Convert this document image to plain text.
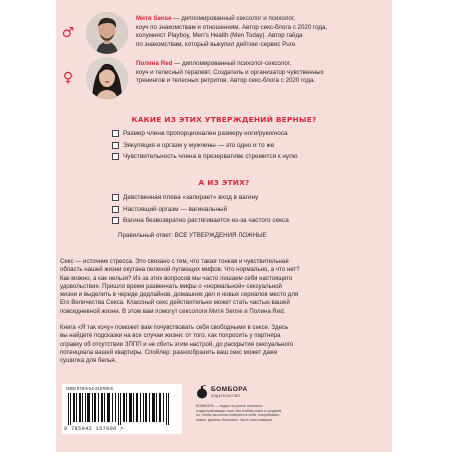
♂
Митя Sense — дипломированный сексолог и психолог,
коуч по знакомствам и отношениям. Автор секс-блога с 2020 года,
колумнист Playboy, Men's Health (Men Today). Автор гайда
по знакомствам, который выкупил дейтинг-сервис Pure.
♀
Полина Red — дипломированный психолог-сексолог,
коуч и телесный терапевт. Создатель и организатор чувственных
тренингов и телесных ретритов. Автор секс-блога с 2020 года.
КАКИЕ ИЗ ЭТИХ УТВЕРЖДЕНИЙ ВЕРНЫЕ?
Размер члена пропорционален размеру ноги/руки/носа
Эякуляция и оргазм у мужчины — это одно и то же
Чувствительность члена в презервативе стремится к нулю
А ИЗ ЭТИХ?
Девственная плева «запирает» вход в вагину
Настоящий оргазм — вагинальный
Вагина безвозвратно растягивается из-за частого секса
Правильный ответ: ВСЕ УТВЕРЖДЕНИЯ ЛОЖНЫЕ
Секс — источник стресса. Это связано с тем, что такая тонкая и чувствительная
область нашей жизни окутана пеленой пугающих мифов. Что нормально, а что нет?
Как можно, а как нельзя? Из-за этих вопросов мы часто лишаем себя настоящего
удовольствия. Пришло время развенчать мифы о «нормальной» сексуальной
жизни и выделить в череде дедлайнов, домашних дел и новых сериалов место для
Его Величества Секса. Классный секс действительно может стать частью вашей
повседневной жизни. В этом вам помогут сексологи Митя Sense и Полина Red.
Книга «Я так хочу» поможет вам почувствовать себя свободными в сексе. Здесь
вы найдете подсказки на все случаи жизни: от того, как попросить у партнера
справку об отсутствии ЗППП и не сбить этим настрой, до раскрытия сексуального
потенциала вашей квартиры. Спойлер: разнообразить ваш секс может даже
сушилка для белья.
ISBN 978-5-04-215780-6
9 785042 157806 >
БОМБОРА
ИЗДАТЕЛЬСТВО
БОМБОРА — лидер на рынке полезных
и вдохновляющих книг. Мы любим книги и создаем
их, чтобы вы могли поверить в себя, попробовать
новое, достичь большего. Быть счастливыми.
